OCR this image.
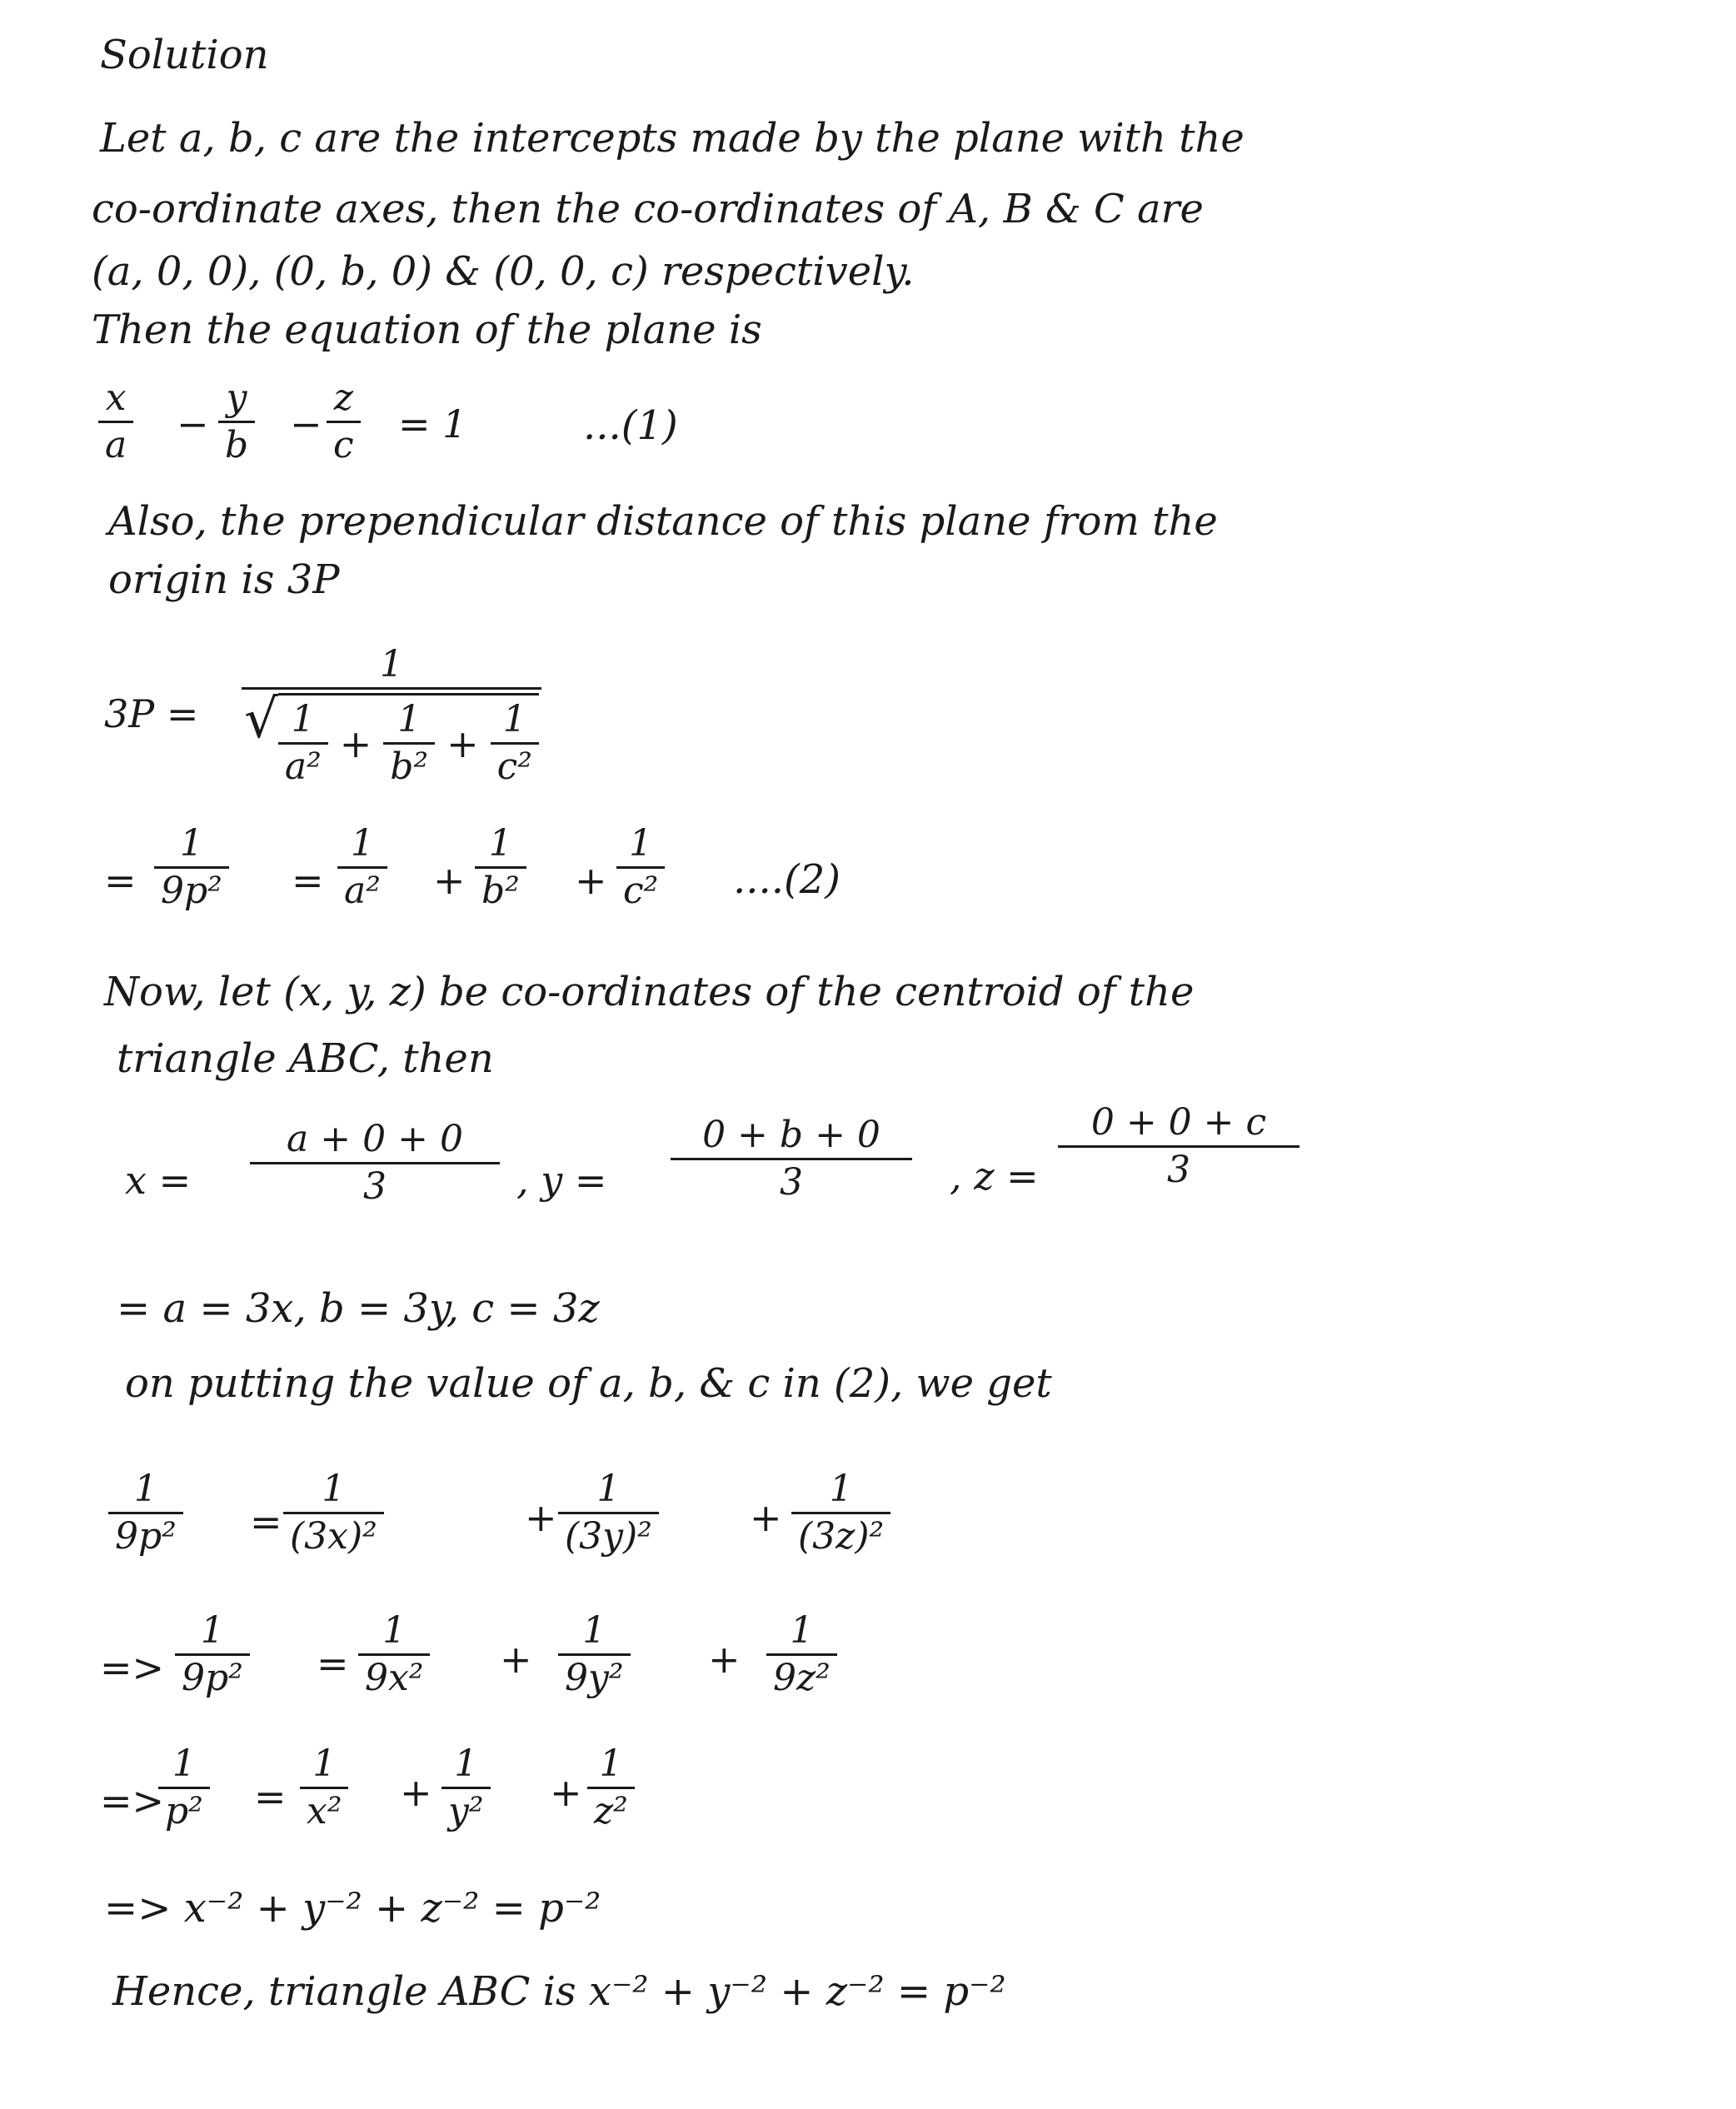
Solution
Let a, b, c are the intercepts made by the plane with the
co-ordinate axes, then the co-ordinates of A, B & C are
(a, 0, 0), (0, b, 0) & (0, 0, c) respectively.
Then the equation of the plane is
x
a −
y
b −
z
c = 1	...(1)
Also, the prependicular distance of this plane from the
origin is 3P
3P =
1
√ $\frac{1}{\text{a²}} + \frac{1}{\text{b²}} + \frac{1}{\text{c²}}$
=
1
9p² =
1
a² +
1
b² +
1
c² ....(2)
Now, let (x, y, z) be co-ordinates of the centroid of the
triangle ABC, then
x =
a + 0 + 0
3	, y =
0 + b + 0
3	, z =
0 + 0 + c
3
= a = 3x, b = 3y, c = 3z
on putting the value of a, b, & c in (2), we get
1
9p² =
1
(3x)²	+
1
(3y)²	+
1
(3z)²
=>
1
9p² =
1
9x² +
1
9y² +
1
9z²
=>
1
p² =
1
x² +
1
y² +
1
z²
=> x⁻² + y⁻² + z⁻² = p⁻²
Hence, triangle ABC is x⁻² + y⁻² + z⁻² = p⁻²
